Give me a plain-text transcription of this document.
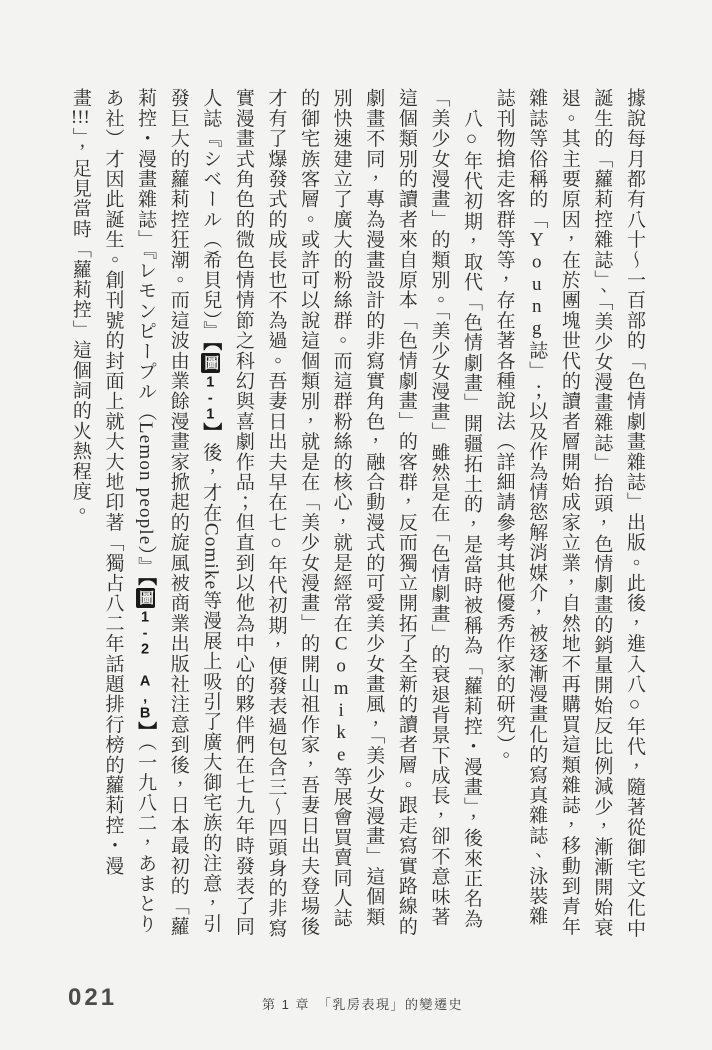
據說每月都有八十～一百部的「色情劇畫雜誌」出版。此後，進入八○年代，隨著從御宅文化中誕生的「蘿莉控雜誌」、「美少女漫畫雜誌」抬頭，色情劇畫的銷量開始反比例減少，漸漸開始衰退。其主要原因，在於團塊世代的讀者層開始成家立業，自然地不再購買這類雜誌，移動到青年雜誌等俗稱的「Young誌」；以及作為情慾解消媒介，被逐漸漫畫化的寫真雜誌、泳裝雜誌刊物搶走客群等等，存在著各種說法（詳細請參考其他優秀作家的研究）。

　八○年代初期，取代「色情劇畫」開疆拓土的，是當時被稱為「蘿莉控・漫畫」，後來正名為「美少女漫畫」的類別。「美少女漫畫」雖然是在「色情劇畫」的衰退背景下成長，卻不意味著這個類別的讀者來自原本「色情劇畫」的客群，反而獨立開拓了全新的讀者層。跟走寫實路線的劇畫不同，專為漫畫設計的非寫實角色，融合動漫式的可愛美少女畫風，「美少女漫畫」這個類別快速建立了廣大的粉絲群。而這群粉絲的核心，就是經常在Comike等展會買賣同人誌的御宅族客層。或許可以說這個類別，就是在「美少女漫畫」的開山祖作家，吾妻日出夫登場後才有了爆發式的成長也不為過。吾妻日出夫早在七○年代初期，便發表過包含三～四頭身的非寫實漫畫式角色的微色情情節之科幻與喜劇作品；但直到以他為中心的夥伴們在七九年時發表了同人誌『シベール（希貝兒）』【圖1-1】後，才在Comike等漫展上吸引了廣大御宅族的注意，引發巨大的蘿莉控狂潮。而這波由業餘漫畫家掀起的旋風被商業出版社注意到後，日本最初的「蘿莉控・漫畫雜誌」『レモンピープル（Lemon people）』【圖1-2 A,B】（一九八二，あまとりあ社）才因此誕生。創刊號的封面上就大大地印著「獨占八二年話題排行榜的蘿莉控・漫畫!!!」，足見當時「蘿莉控」這個詞的火熱程度。

021	第 1 章　「乳房表現」的變遷史
